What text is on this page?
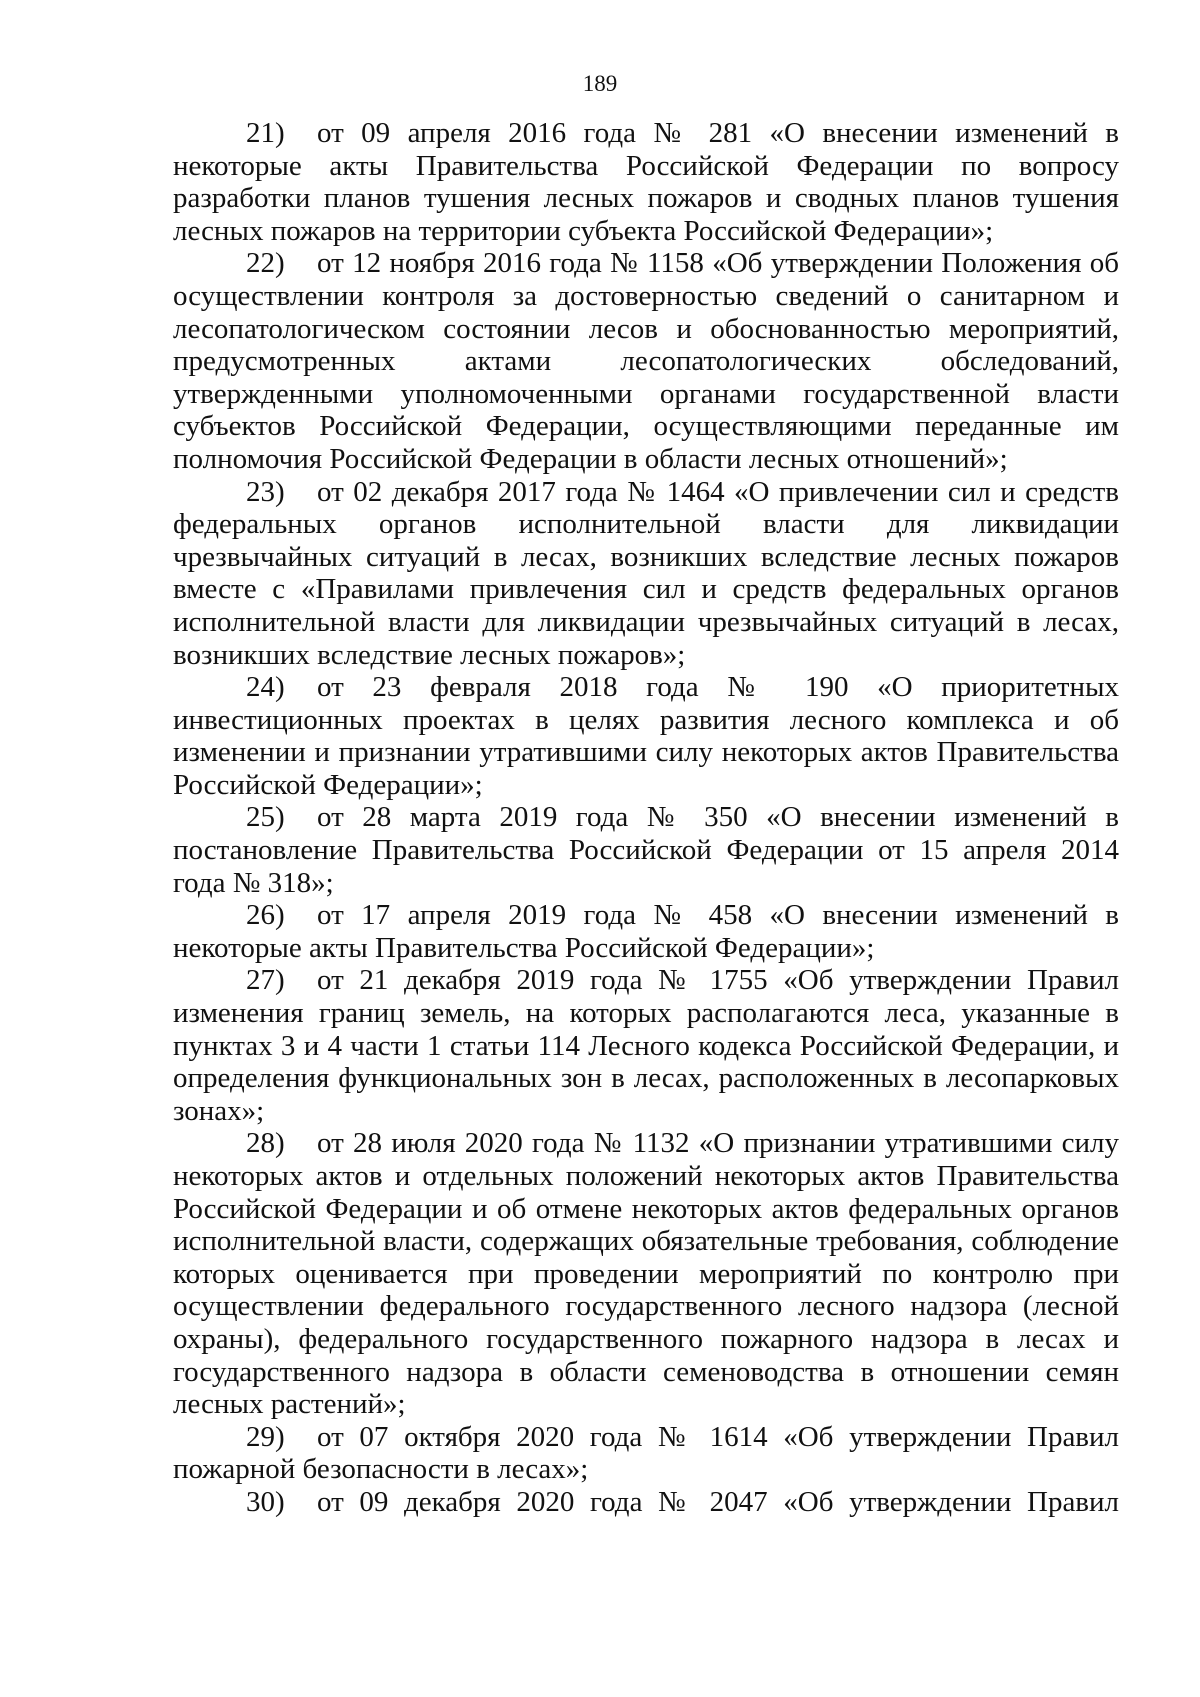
189

21) от 09 апреля 2016 года № 281 «О внесении изменений в некоторые акты Правительства Российской Федерации по вопросу разработки планов тушения лесных пожаров и сводных планов тушения лесных пожаров на территории субъекта Российской Федерации»;

22) от 12 ноября 2016 года № 1158 «Об утверждении Положения об осуществлении контроля за достоверностью сведений о санитарном и лесопатологическом состоянии лесов и обоснованностью мероприятий, предусмотренных актами лесопатологических обследований, утвержденными уполномоченными органами государственной власти субъектов Российской Федерации, осуществляющими переданные им полномочия Российской Федерации в области лесных отношений»;

23) от 02 декабря 2017 года № 1464 «О привлечении сил и средств федеральных органов исполнительной власти для ликвидации чрезвычайных ситуаций в лесах, возникших вследствие лесных пожаров вместе с «Правилами привлечения сил и средств федеральных органов исполнительной власти для ликвидации чрезвычайных ситуаций в лесах, возникших вследствие лесных пожаров»;

24) от 23 февраля 2018 года № 190 «О приоритетных инвестиционных проектах в целях развития лесного комплекса и об изменении и признании утратившими силу некоторых актов Правительства Российской Федерации»;

25) от 28 марта 2019 года № 350 «О внесении изменений в постановление Правительства Российской Федерации от 15 апреля 2014 года № 318»;

26) от 17 апреля 2019 года № 458 «О внесении изменений в некоторые акты Правительства Российской Федерации»;

27) от 21 декабря 2019 года № 1755 «Об утверждении Правил изменения границ земель, на которых располагаются леса, указанные в пунктах 3 и 4 части 1 статьи 114 Лесного кодекса Российской Федерации, и определения функциональных зон в лесах, расположенных в лесопарковых зонах»;

28) от 28 июля 2020 года № 1132 «О признании утратившими силу некоторых актов и отдельных положений некоторых актов Правительства Российской Федерации и об отмене некоторых актов федеральных органов исполнительной власти, содержащих обязательные требования, соблюдение которых оценивается при проведении мероприятий по контролю при осуществлении федерального государственного лесного надзора (лесной охраны), федерального государственного пожарного надзора в лесах и государственного надзора в области семеноводства в отношении семян лесных растений»;

29) от 07 октября 2020 года № 1614 «Об утверждении Правил пожарной безопасности в лесах»;

30) от 09 декабря 2020 года № 2047 «Об утверждении Правил
